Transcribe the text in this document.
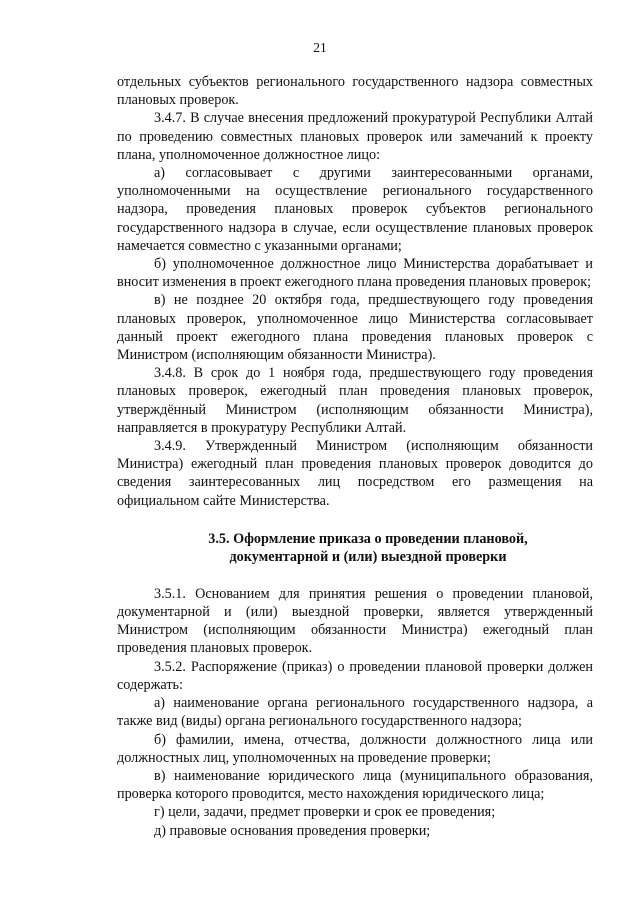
21

отдельных субъектов регионального государственного надзора совместных плановых проверок.

3.4.7. В случае внесения предложений прокуратурой Республики Алтай по проведению совместных плановых проверок или замечаний к проекту плана, уполномоченное должностное лицо:

а) согласовывает с другими заинтересованными органами, уполномоченными на осуществление регионального государственного надзора, проведения плановых проверок субъектов регионального государственного надзора в случае, если осуществление плановых проверок намечается совместно с указанными органами;

б) уполномоченное должностное лицо Министерства дорабатывает и вносит изменения в проект ежегодного плана проведения плановых проверок;

в) не позднее 20 октября года, предшествующего году проведения плановых проверок, уполномоченное лицо Министерства согласовывает данный проект ежегодного плана проведения плановых проверок с Министром (исполняющим обязанности Министра).

3.4.8. В срок до 1 ноября года, предшествующего году проведения плановых проверок, ежегодный план проведения плановых проверок, утверждённый Министром (исполняющим обязанности Министра), направляется в прокуратуру Республики Алтай.

3.4.9. Утвержденный Министром (исполняющим обязанности Министра) ежегодный план проведения плановых проверок доводится до сведения заинтересованных лиц посредством его размещения на официальном сайте Министерства.

3.5. Оформление приказа о проведении плановой,
документарной и (или) выездной проверки

3.5.1. Основанием для принятия решения о проведении плановой, документарной и (или) выездной проверки, является утвержденный Министром (исполняющим обязанности Министра) ежегодный план проведения плановых проверок.

3.5.2. Распоряжение (приказ) о проведении плановой проверки должен содержать:

а) наименование органа регионального государственного надзора, а также вид (виды) органа регионального государственного надзора;

б) фамилии, имена, отчества, должности должностного лица или должностных лиц, уполномоченных на проведение проверки;

в) наименование юридического лица (муниципального образования, проверка которого проводится, место нахождения юридического лица;

г) цели, задачи, предмет проверки и срок ее проведения;

д) правовые основания проведения проверки;
